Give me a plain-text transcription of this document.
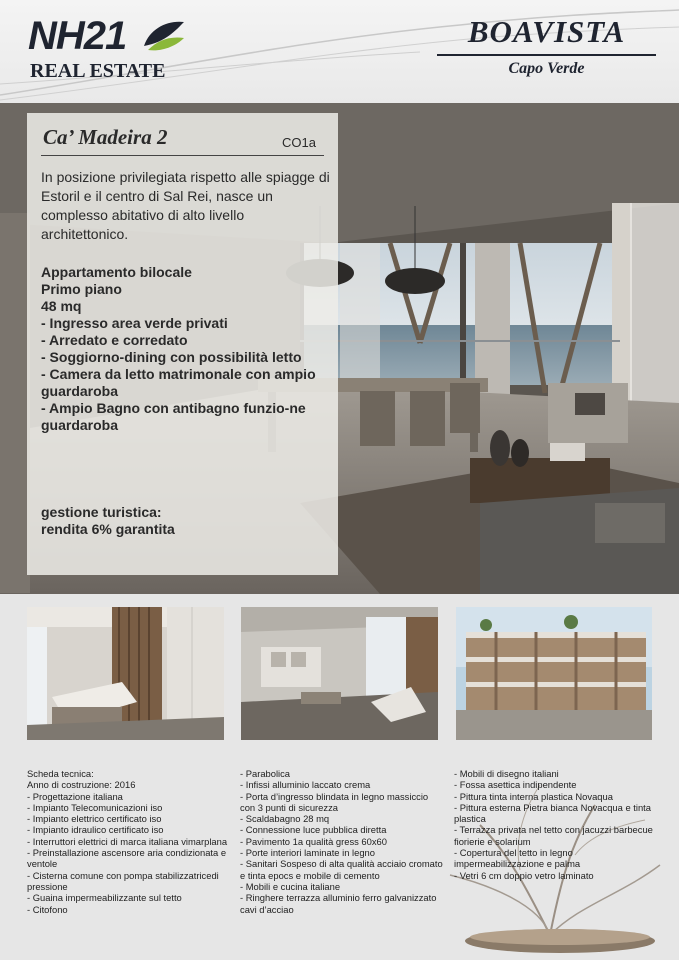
NH21
REAL ESTATE
BOAVISTA
Capo Verde
Ca’ Madeira 2	CO1a
In posizione privilegiata rispetto alle spiagge di Estoril e il centro di Sal Rei, nasce un complesso abitativo di alto livello architettonico.
Appartamento bilocale
Primo piano
48 mq
- Ingresso area verde privati
- Arredato e corredato
- Soggiorno-dining con possibilità letto
- Camera da letto matrimonale con ampio guardaroba
- Ampio Bagno con antibagno funzio-ne guardaroba
gestione turistica:
rendita 6% garantita
Scheda tecnica:
Anno di costruzione: 2016
- Progettazione italiana
- Impianto Telecomunicazioni iso
- Impianto elettrico certificato iso
- Impianto idraulico certificato iso
- Interruttori elettrici di marca italiana vimarplana
- Preinstallazione ascensore aria condizionata e ventole
- Cisterna comune con pompa stabilizzatricedi pressione
- Guaina impermeabilizzante sul tetto
- Citofono
- Parabolica
- Infissi alluminio laccato crema
- Porta d’ingresso blindata in legno massiccio con 3 punti di sicurezza
- Scaldabagno 28 mq
- Connessione luce pubblica diretta
- Pavimento 1a qualità gress 60x60
- Porte interiori laminate in legno
- Sanitari Sospeso di alta qualità acciaio cromato e tinta epocs e mobile di cemento
- Mobili e cucina italiane
- Ringhere terrazza alluminio ferro galvanizzato cavi d’acciao
- Mobili di disegno italiani
- Fossa asettica indipendente
- Pittura tinta interna plastica Novaqua
- Pittura esterna Pietra bianca Novacqua e tinta plastica
- Terrazza privata nel tetto con jacuzzi barbecue fiorierie e solarium
- Copertura del tetto in legno impermeabilizzazione e palma
- Vetri 6 cm doppio vetro laminato
